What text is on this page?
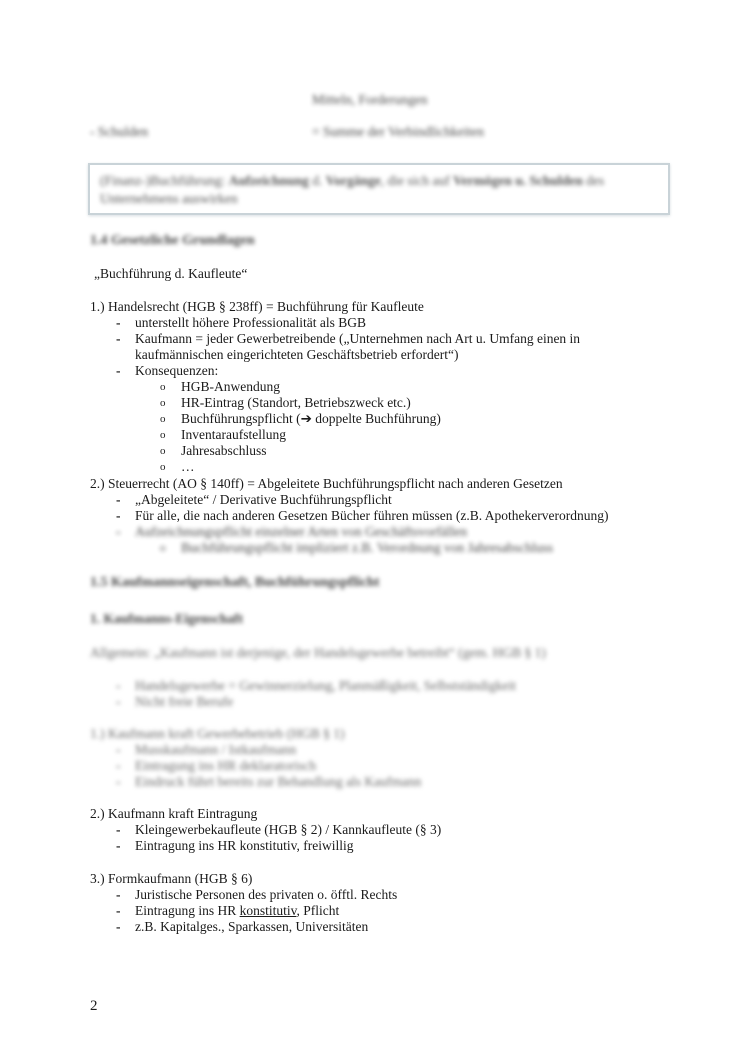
Mitteln, Forderungen
- Schulden	= Summe der Verbindlichkeiten
(Finanz-)Buchführung: Aufzeichnung d. Vorgänge, die sich auf Vermögen u. Schulden des Unternehmens auswirken
1.4 Gesetzliche Grundlagen
„Buchführung d. Kaufleute“
1.) Handelsrecht (HGB § 238ff) = Buchführung für Kaufleute
- unterstellt höhere Professionalität als BGB
- Kaufmann = jeder Gewerbetreibende („Unternehmen nach Art u. Umfang einen in
kaufmännischen eingerichteten Geschäftsbetrieb erfordert“)
- Konsequenzen:
o HGB-Anwendung
o HR-Eintrag (Standort, Betriebszweck etc.)
o Buchführungspflicht (➔ doppelte Buchführung)
o Inventaraufstellung
o Jahresabschluss
o …
2.) Steuerrecht (AO § 140ff) = Abgeleitete Buchführungspflicht nach anderen Gesetzen
- „Abgeleitete“ / Derivative Buchführungspflicht
- Für alle, die nach anderen Gesetzen Bücher führen müssen (z.B. Apothekerverordnung)
- Aufzeichnungspflicht einzelner Arten von Geschäftsvorfällen
o Buchführungspflicht impliziert z.B. Verordnung von Jahresabschluss
1.5 Kaufmannseigenschaft, Buchführungspflicht
1. Kaufmanns-Eigenschaft
Allgemein: „Kaufmann ist derjenige, der Handelsgewerbe betreibt“ (gem. HGB § 1)
- Handelsgewerbe = Gewinnerzielung, Planmäßigkeit, Selbstständigkeit
- Nicht freie Berufe
1.) Kaufmann kraft Gewerbebetrieb (HGB § 1)
- Musskaufmann / Istkaufmann
- Eintragung ins HR deklaratorisch
- Eindruck führt bereits zur Behandlung als Kaufmann
2.) Kaufmann kraft Eintragung
- Kleingewerbekaufleute (HGB § 2) / Kannkaufleute (§ 3)
- Eintragung ins HR konstitutiv, freiwillig
3.) Formkaufmann (HGB § 6)
- Juristische Personen des privaten o. öfftl. Rechts
- Eintragung ins HR konstitutiv, Pflicht
- z.B. Kapitalges., Sparkassen, Universitäten
2
